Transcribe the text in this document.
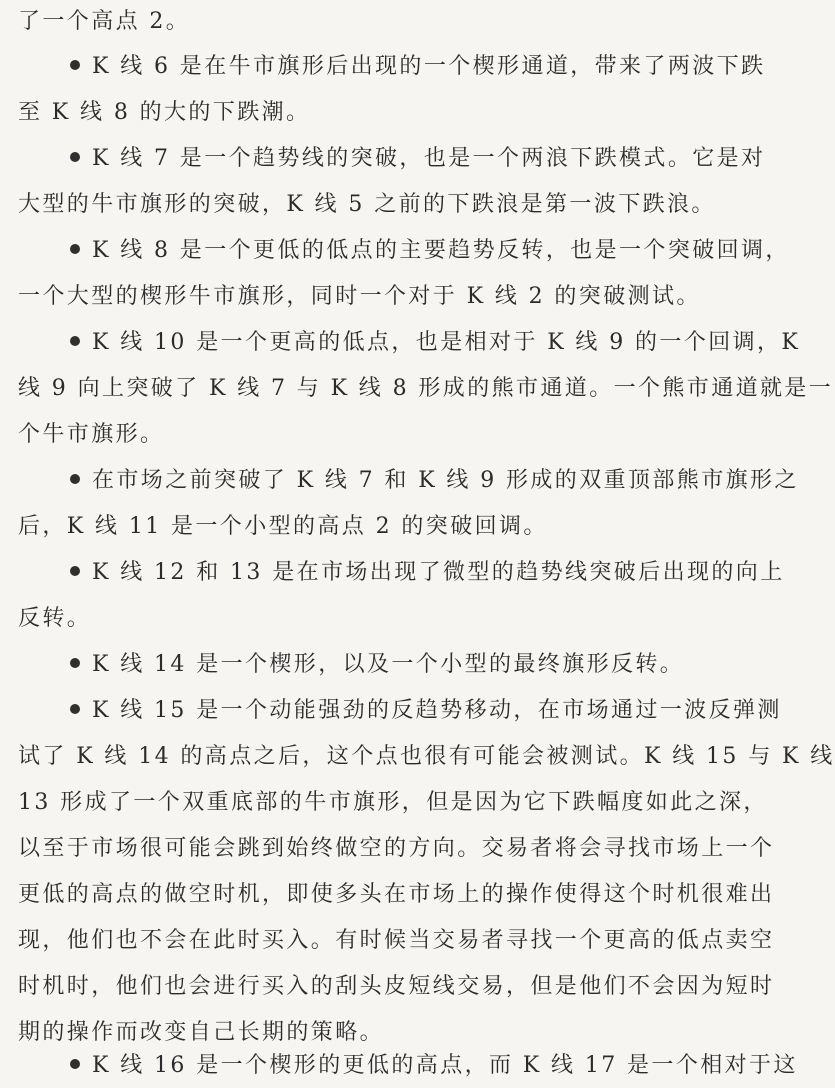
了一个高点 2。
K 线 6 是在牛市旗形后出现的一个楔形通道，带来了两波下跌
至 K 线 8 的大的下跌潮。
K 线 7 是一个趋势线的突破，也是一个两浪下跌模式。它是对
大型的牛市旗形的突破，K 线 5 之前的下跌浪是第一波下跌浪。
K 线 8 是一个更低的低点的主要趋势反转，也是一个突破回调，
一个大型的楔形牛市旗形，同时一个对于 K 线 2 的突破测试。
K 线 10 是一个更高的低点，也是相对于 K 线 9 的一个回调，K
线 9 向上突破了 K 线 7 与 K 线 8 形成的熊市通道。一个熊市通道就是一
个牛市旗形。
在市场之前突破了 K 线 7 和 K 线 9 形成的双重顶部熊市旗形之
后，K 线 11 是一个小型的高点 2 的突破回调。
K 线 12 和 13 是在市场出现了微型的趋势线突破后出现的向上
反转。
K 线 14 是一个楔形，以及一个小型的最终旗形反转。
K 线 15 是一个动能强劲的反趋势移动，在市场通过一波反弹测
试了 K 线 14 的高点之后，这个点也很有可能会被测试。K 线 15 与 K 线
13 形成了一个双重底部的牛市旗形，但是因为它下跌幅度如此之深，
以至于市场很可能会跳到始终做空的方向。交易者将会寻找市场上一个
更低的高点的做空时机，即使多头在市场上的操作使得这个时机很难出
现，他们也不会在此时买入。有时候当交易者寻找一个更高的低点卖空
时机时，他们也会进行买入的刮头皮短线交易，但是他们不会因为短时
期的操作而改变自己长期的策略。
K 线 16 是一个楔形的更低的高点，而 K 线 17 是一个相对于这
